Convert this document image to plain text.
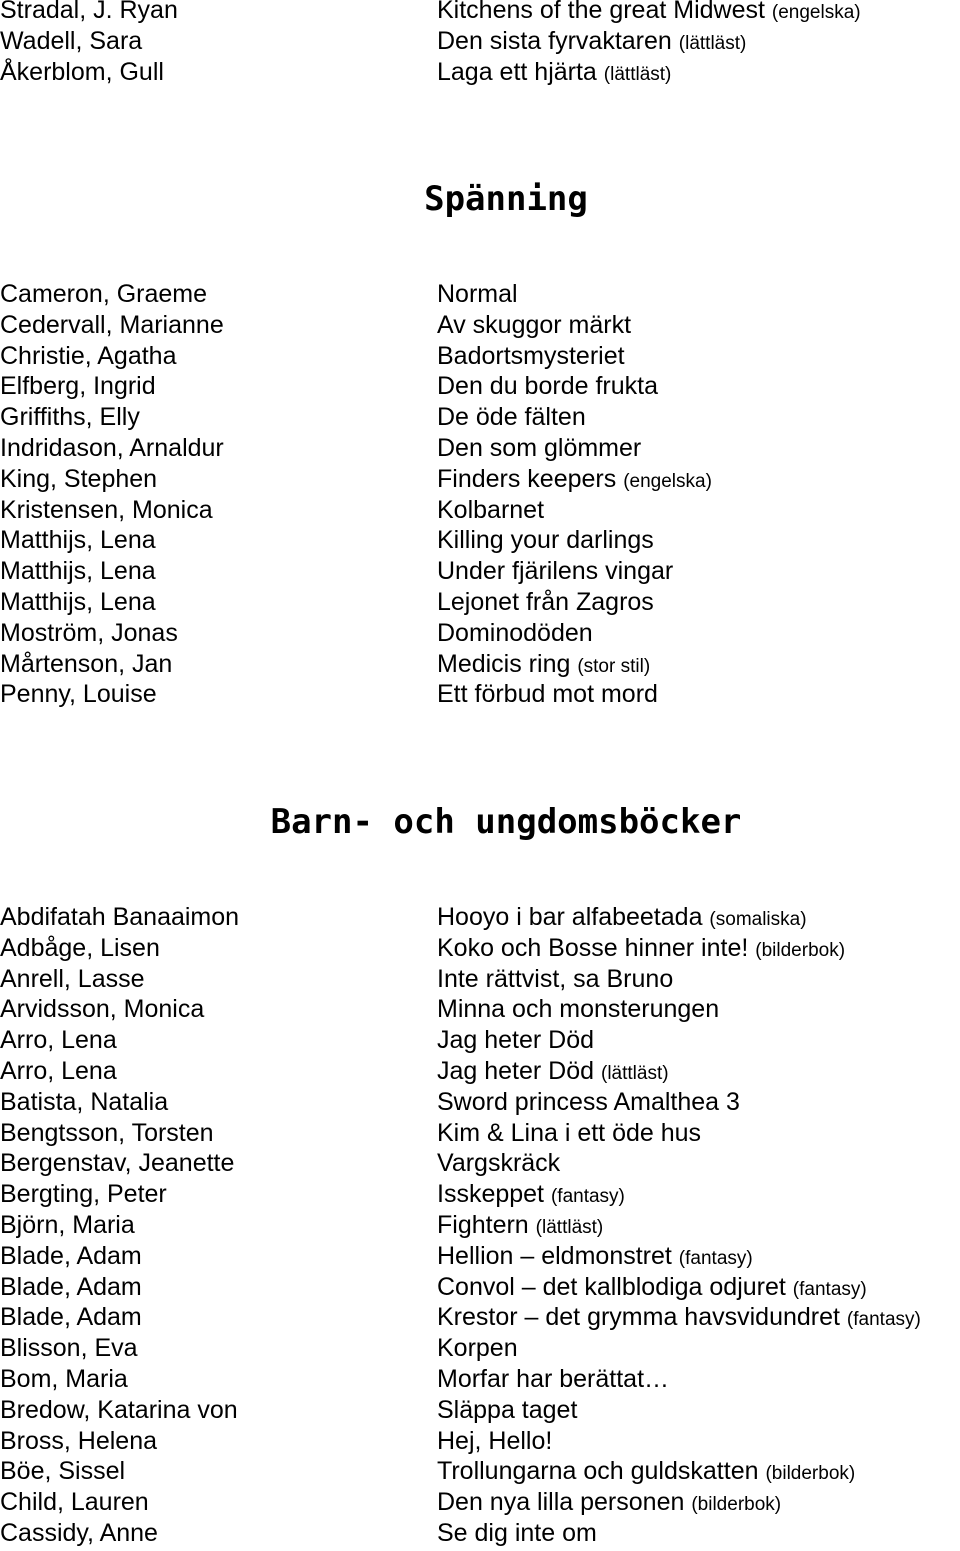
Stradal, J. Ryan	Kitchens of the great Midwest (engelska)
Wadell, Sara	Den sista fyrvaktaren (lättläst)
Åkerblom, Gull	Laga ett hjärta (lättläst)
Spänning
Cameron, Graeme	Normal
Cedervall, Marianne	Av skuggor märkt
Christie, Agatha	Badortsmysteriet
Elfberg, Ingrid	Den du borde frukta
Griffiths, Elly	De öde fälten
Indridason, Arnaldur	Den som glömmer
King, Stephen	Finders keepers (engelska)
Kristensen, Monica	Kolbarnet
Matthijs, Lena	Killing your darlings
Matthijs, Lena	Under fjärilens vingar
Matthijs, Lena	Lejonet från Zagros
Moström, Jonas	Dominodöden
Mårtenson, Jan	Medicis ring (stor stil)
Penny, Louise	Ett förbud mot mord
Barn- och ungdomsböcker
Abdifatah Banaaimon	Hooyo i bar alfabeetada (somaliska)
Adbåge, Lisen	Koko och Bosse hinner inte! (bilderbok)
Anrell, Lasse	Inte rättvist, sa Bruno
Arvidsson, Monica	Minna och monsterungen
Arro, Lena	Jag heter Död
Arro, Lena	Jag heter Död (lättläst)
Batista, Natalia	Sword princess Amalthea 3
Bengtsson, Torsten	Kim & Lina i ett öde hus
Bergenstav, Jeanette	Vargskräck
Bergting, Peter	Isskeppet (fantasy)
Björn, Maria	Fightern (lättläst)
Blade, Adam	Hellion – eldmonstret (fantasy)
Blade, Adam	Convol – det kallblodiga odjuret (fantasy)
Blade, Adam	Krestor – det grymma havsvidundret (fantasy)
Blisson, Eva	Korpen
Bom, Maria	Morfar har berättat…
Bredow, Katarina von	Släppa taget
Bross, Helena	Hej, Hello!
Böe, Sissel	Trollungarna och guldskatten (bilderbok)
Child, Lauren	Den nya lilla personen (bilderbok)
Cassidy, Anne	Se dig inte om
